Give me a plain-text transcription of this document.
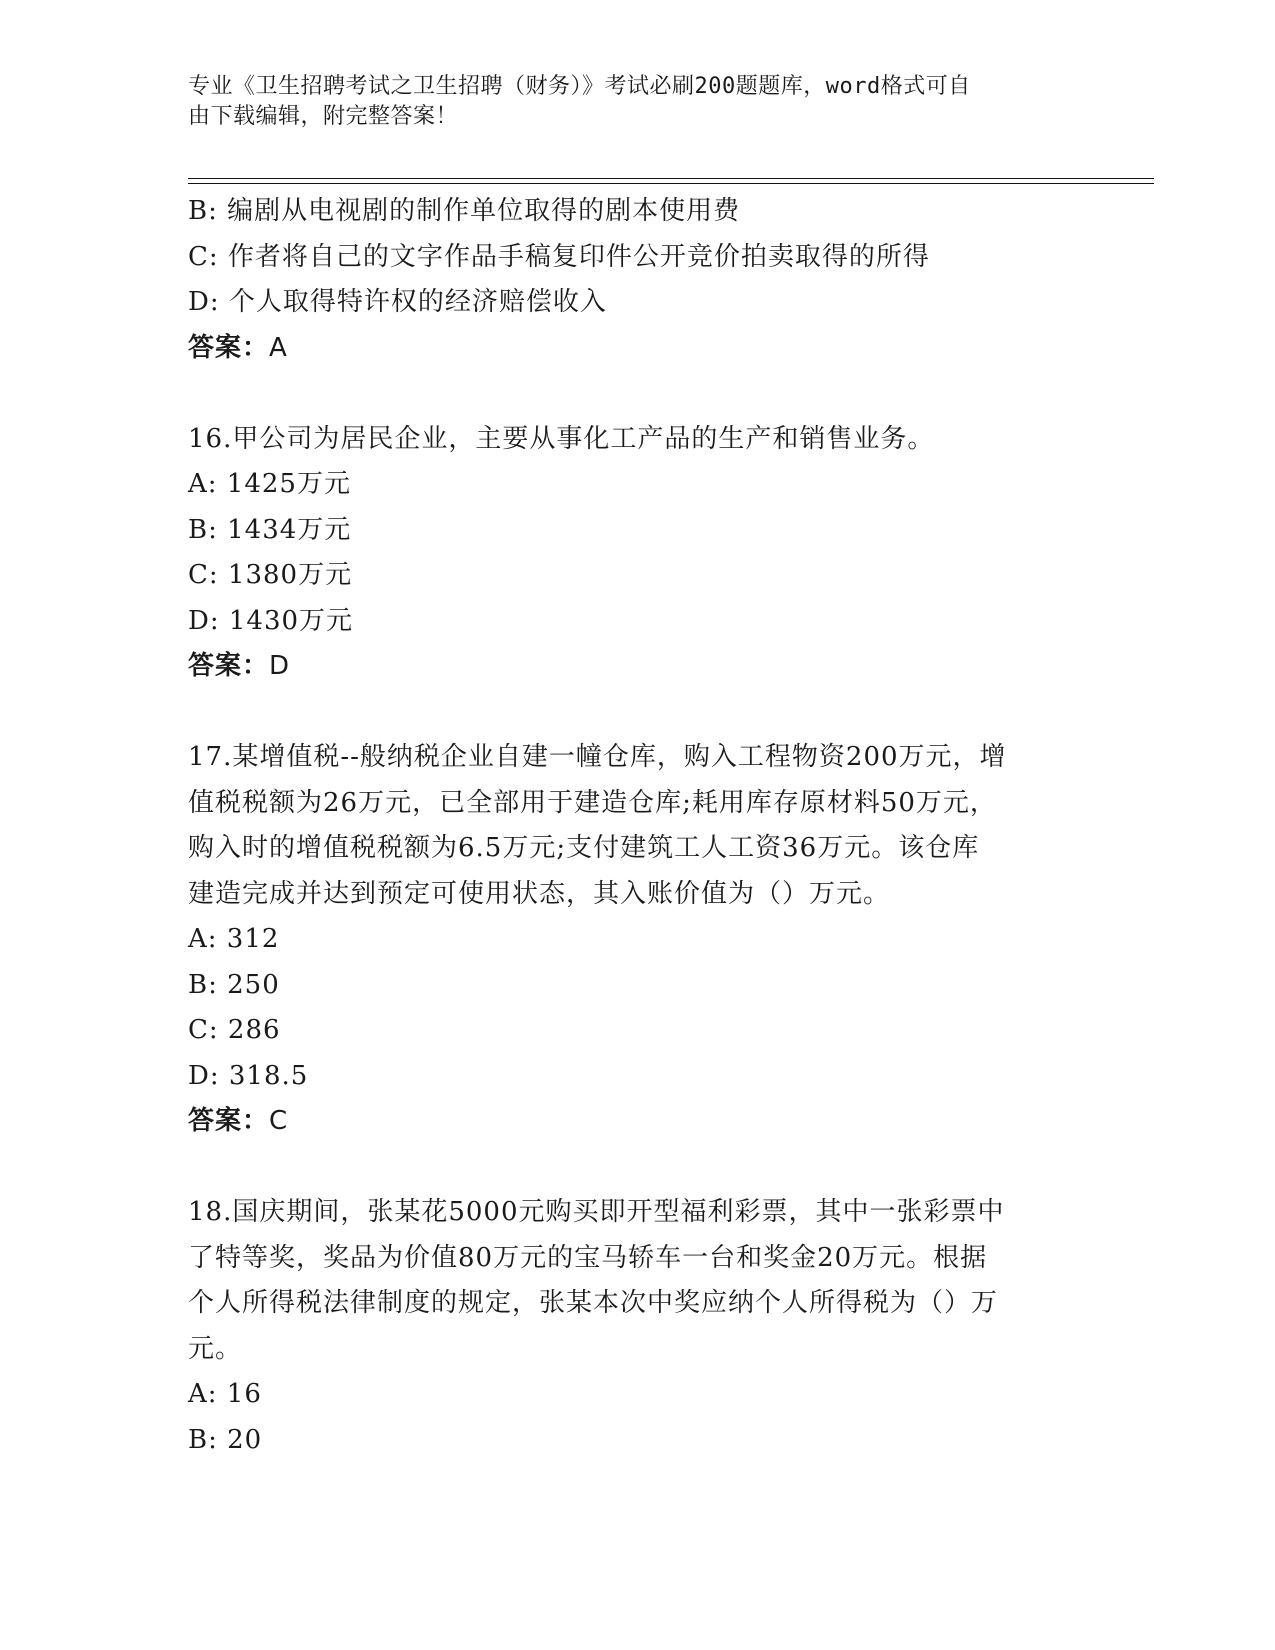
专业《卫生招聘考试之卫生招聘（财务）》考试必刷200题题库，word格式可自
由下载编辑，附完整答案！
B: 编剧从电视剧的制作单位取得的剧本使用费
C: 作者将自己的文字作品手稿复印件公开竞价拍卖取得的所得
D: 个人取得特许权的经济赔偿收入
答案：A
16.甲公司为居民企业，主要从事化工产品的生产和销售业务。
A: 1425万元
B: 1434万元
C: 1380万元
D: 1430万元
答案：D
17.某增值税--般纳税企业自建一幢仓库，购入工程物资200万元，增
值税税额为26万元，已全部用于建造仓库;耗用库存原材料50万元，
购入时的增值税税额为6.5万元;支付建筑工人工资36万元。该仓库
建造完成并达到预定可使用状态，其入账价值为（）万元。
A: 312
B: 250
C: 286
D: 318.5
答案：C
18.国庆期间，张某花5000元购买即开型福利彩票，其中一张彩票中
了特等奖，奖品为价值80万元的宝马轿车一台和奖金20万元。根据
个人所得税法律制度的规定，张某本次中奖应纳个人所得税为（）万
元。
A: 16
B: 20
